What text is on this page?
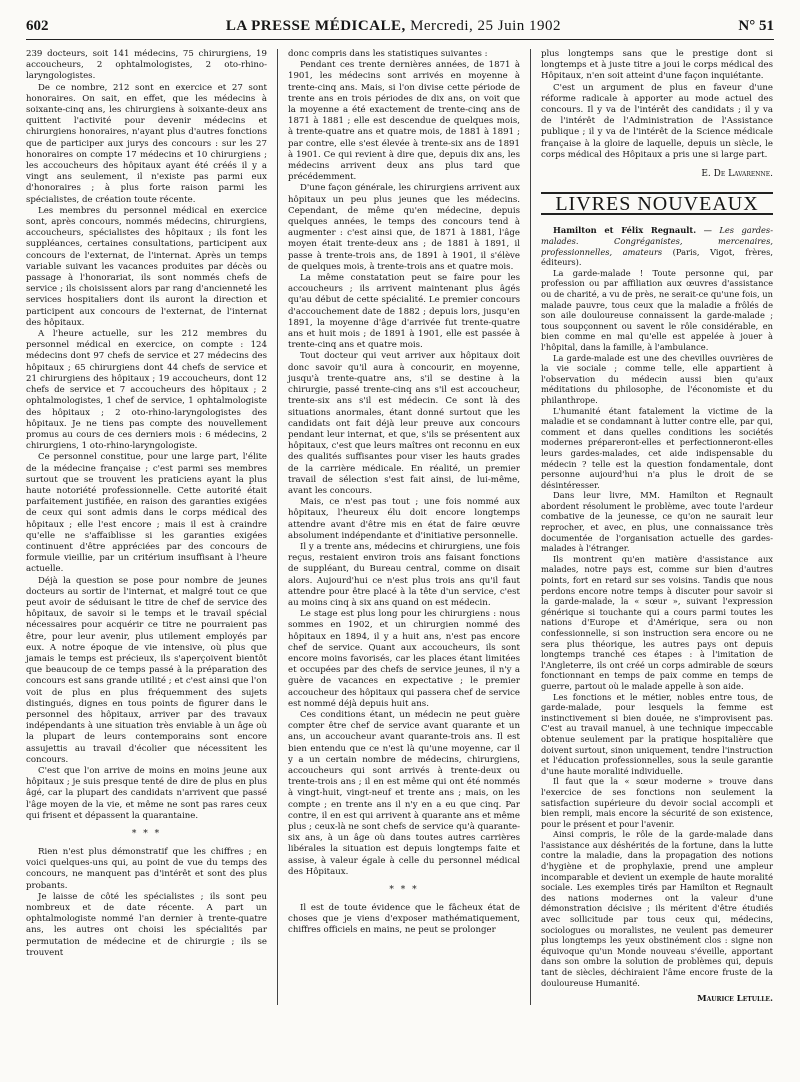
602	LA PRESSE MÉDICALE, Mercredi, 25 Juin 1902	N° 51

239 docteurs, soit 141 médecins, 75 chirurgiens, 19 accoucheurs, 2 ophtalmologistes, 2 oto-rhino-laryngologistes.

De ce nombre, 212 sont en exercice et 27 sont honoraires. On sait, en effet, que les médecins à soixante-cinq ans, les chirurgiens à soixante-deux ans quittent l'activité pour devenir médecins et chirurgiens honoraires, n'ayant plus d'autres fonctions que de participer aux jurys des concours : sur les 27 honoraires on compte 17 médecins et 10 chirurgiens ; les accoucheurs des hôpitaux ayant été créés il y a vingt ans seulement, il n'existe pas parmi eux d'honoraires ; à plus forte raison parmi les spécialistes, de création toute récente.

Les membres du personnel médical en exercice sont, après concours, nommés médecins, chirurgiens, accoucheurs, spécialistes des hôpitaux ; ils font les suppléances, certaines consultations, participent aux concours de l'externat, de l'internat. Après un temps variable suivant les vacances produites par décès ou passage à l'honorariat, ils sont nommés chefs de service ; ils choisissent alors par rang d'ancienneté les services hospitaliers dont ils auront la direction et participent aux concours de l'externat, de l'internat des hôpitaux.

A l'heure actuelle, sur les 212 membres du personnel médical en exercice, on compte : 124 médecins dont 97 chefs de service et 27 médecins des hôpitaux ; 65 chirurgiens dont 44 chefs de service et 21 chirurgiens des hôpitaux ; 19 accoucheurs, dont 12 chefs de service et 7 accoucheurs des hôpitaux ; 2 ophtalmologistes, 1 chef de service, 1 ophtalmologiste des hôpitaux ; 2 oto-rhino-laryngologistes des hôpitaux. Je ne tiens pas compte des nouvellement promus au cours de ces derniers mois : 6 médecins, 2 chirurgiens, 1 oto-rhino-laryngologiste.

Ce personnel constitue, pour une large part, l'élite de la médecine française ; c'est parmi ses membres surtout que se trouvent les praticiens ayant la plus haute notoriété professionnelle. Cette autorité était parfaitement justifiée, en raison des garanties exigées de ceux qui sont admis dans le corps médical des hôpitaux ; elle l'est encore ; mais il est à craindre qu'elle ne s'affaiblisse si les garanties exigées continuent d'être appréciées par des concours de formule vieillie, par un critérium insuffisant à l'heure actuelle.

Déjà la question se pose pour nombre de jeunes docteurs au sortir de l'internat, et malgré tout ce que peut avoir de séduisant le titre de chef de service des hôpitaux, de savoir si le temps et le travail spécial nécessaires pour acquérir ce titre ne pourraient pas être, pour leur avenir, plus utilement employés par eux. A notre époque de vie intensive, où plus que jamais le temps est précieux, ils s'aperçoivent bientôt que beaucoup de ce temps passé à la préparation des concours est sans grande utilité ; et c'est ainsi que l'on voit de plus en plus fréquemment des sujets distingués, dignes en tous points de figurer dans le personnel des hôpitaux, arriver par des travaux indépendants à une situation très enviable à un âge où la plupart de leurs contemporains sont encore assujettis au travail d'écolier que nécessitent les concours.

C'est que l'on arrive de moins en moins jeune aux hôpitaux ; je suis presque tenté de dire de plus en plus âgé, car la plupart des candidats n'arrivent que passé l'âge moyen de la vie, et même ne sont pas rares ceux qui frisent et dépassent la quarantaine.

* * *

Rien n'est plus démonstratif que les chiffres ; en voici quelques-uns qui, au point de vue du temps des concours, ne manquent pas d'intérêt et sont des plus probants.

Je laisse de côté les spécialistes ; ils sont peu nombreux et de date récente. A part un ophtalmologiste nommé l'an dernier à trente-quatre ans, les autres ont choisi les spécialités par permutation de médecine et de chirurgie ; ils se trouvent

donc compris dans les statistiques suivantes :

Pendant ces trente dernières années, de 1871 à 1901, les médecins sont arrivés en moyenne à trente-cinq ans. Mais, si l'on divise cette période de trente ans en trois périodes de dix ans, on voit que la moyenne a été exactement de trente-cinq ans de 1871 à 1881 ; elle est descendue de quelques mois, à trente-quatre ans et quatre mois, de 1881 à 1891 ; par contre, elle s'est élevée à trente-six ans de 1891 à 1901. Ce qui revient à dire que, depuis dix ans, les médecins arrivent deux ans plus tard que précédemment.

D'une façon générale, les chirurgiens arrivent aux hôpitaux un peu plus jeunes que les médecins. Cependant, de même qu'en médecine, depuis quelques années, le temps des concours tend à augmenter : c'est ainsi que, de 1871 à 1881, l'âge moyen était trente-deux ans ; de 1881 à 1891, il passe à trente-trois ans, de 1891 à 1901, il s'élève de quelques mois, à trente-trois ans et quatre mois.

La même constatation peut se faire pour les accoucheurs ; ils arrivent maintenant plus âgés qu'au début de cette spécialité. Le premier concours d'accouchement date de 1882 ; depuis lors, jusqu'en 1891, la moyenne d'âge d'arrivée fut trente-quatre ans et huit mois ; de 1891 à 1901, elle est passée à trente-cinq ans et quatre mois.

Tout docteur qui veut arriver aux hôpitaux doit donc savoir qu'il aura à concourir, en moyenne, jusqu'à trente-quatre ans, s'il se destine à la chirurgie, passé trente-cinq ans s'il est accoucheur, trente-six ans s'il est médecin. Ce sont là des situations anormales, étant donné surtout que les candidats ont fait déjà leur preuve aux concours pendant leur internat, et que, s'ils se présentent aux hôpitaux, c'est que leurs maîtres ont reconnu en eux des qualités suffisantes pour viser les hauts grades de la carrière médicale. En réalité, un premier travail de sélection s'est fait ainsi, de lui-même, avant les concours.

Mais, ce n'est pas tout ; une fois nommé aux hôpitaux, l'heureux élu doit encore longtemps attendre avant d'être mis en état de faire œuvre absolument indépendante et d'initiative personnelle.

Il y a trente ans, médecins et chirurgiens, une fois reçus, restaient environ trois ans faisant fonctions de suppléant, du Bureau central, comme on disait alors. Aujourd'hui ce n'est plus trois ans qu'il faut attendre pour être placé à la tête d'un service, c'est au moins cinq à six ans quand on est médecin.

Le stage est plus long pour les chirurgiens : nous sommes en 1902, et un chirurgien nommé des hôpitaux en 1894, il y a huit ans, n'est pas encore chef de service. Quant aux accoucheurs, ils sont encore moins favorisés, car les places étant limitées et occupées par des chefs de service jeunes, il n'y a guère de vacances en expectative ; le premier accoucheur des hôpitaux qui passera chef de service est nommé déjà depuis huit ans.

Ces conditions étant, un médecin ne peut guère compter être chef de service avant quarante et un ans, un accoucheur avant quarante-trois ans. Il est bien entendu que ce n'est là qu'une moyenne, car il y a un certain nombre de médecins, chirurgiens, accoucheurs qui sont arrivés à trente-deux ou trente-trois ans ; il en est même qui ont été nommés à vingt-huit, vingt-neuf et trente ans ; mais, on les compte ; en trente ans il n'y en a eu que cinq. Par contre, il en est qui arrivent à quarante ans et même plus ; ceux-là ne sont chefs de service qu'à quarante-six ans, à un âge où dans toutes autres carrières libérales la situation est depuis longtemps faite et assise, à valeur égale à celle du personnel médical des Hôpitaux.

* * *

Il est de toute évidence que le fâcheux état de choses que je viens d'exposer mathématiquement, chiffres officiels en mains, ne peut se prolonger

plus longtemps sans que le prestige dont si longtemps et à juste titre a joui le corps médical des Hôpitaux, n'en soit atteint d'une façon inquiétante.

C'est un argument de plus en faveur d'une réforme radicale à apporter au mode actuel des concours. Il y va de l'intérêt des candidats ; il y va de l'intérêt de l'Administration de l'Assistance publique ; il y va de l'intérêt de la Science médicale française à la gloire de laquelle, depuis un siècle, le corps médical des Hôpitaux a pris une si large part.

E. De Lavarenne.
LIVRES NOUVEAUX

Hamilton et Félix Regnault. — Les gardes-malades. Congréganistes, mercenaires, professionnelles, amateurs (Paris, Vigot, frères, éditeurs).

La garde-malade ! Toute personne qui, par profession ou par affiliation aux œuvres d'assistance ou de charité, a vu de près, ne serait-ce qu'une fois, un malade pauvre, tous ceux que la maladie a frôlés de son aile douloureuse connaissent la garde-malade ; tous soupçonnent ou savent le rôle considérable, en bien comme en mal qu'elle est appelée à jouer à l'hôpital, dans la famille, à l'ambulance.

La garde-malade est une des chevilles ouvrières de la vie sociale ; comme telle, elle appartient à l'observation du médecin aussi bien qu'aux méditations du philosophe, de l'économiste et du philanthrope.

L'humanité étant fatalement la victime de la maladie et se condamnant à lutter contre elle, par qui, comment et dans quelles conditions les sociétés modernes prépareront-elles et perfectionneront-elles leurs gardes-malades, cet aide indispensable du médecin ? telle est la question fondamentale, dont personne aujourd'hui n'a plus le droit de se désintéresser.

Dans leur livre, MM. Hamilton et Regnault abordent résolument le problème, avec toute l'ardeur combative de la jeunesse, ce qu'on ne saurait leur reprocher, et avec, en plus, une connaissance très documentée de l'organisation actuelle des gardes-malades à l'étranger.

Ils montrent qu'en matière d'assistance aux malades, notre pays est, comme sur bien d'autres points, fort en retard sur ses voisins. Tandis que nous perdons encore notre temps à discuter pour savoir si la garde-malade, la « sœur », suivant l'expression générique si touchante qui a cours parmi toutes les nations d'Europe et d'Amérique, sera ou non confessionnelle, si son instruction sera encore ou ne sera plus théorique, les autres pays ont depuis longtemps tranché ces étapes : à l'imitation de l'Angleterre, ils ont créé un corps admirable de sœurs fonctionnant en temps de paix comme en temps de guerre, partout où le malade appelle à son aide.

Les fonctions et le métier, nobles entre tous, de garde-malade, pour lesquels la femme est instinctivement si bien douée, ne s'improvisent pas. C'est au travail manuel, à une technique impeccable obtenue seulement par la pratique hospitalière que doivent surtout, sinon uniquement, tendre l'instruction et l'éducation professionnelles, sous la seule garantie d'une haute moralité individuelle.

Il faut que la « sœur moderne » trouve dans l'exercice de ses fonctions non seulement la satisfaction supérieure du devoir social accompli et bien rempli, mais encore la sécurité de son existence, pour le présent et pour l'avenir.

Ainsi compris, le rôle de la garde-malade dans l'assistance aux déshérités de la fortune, dans la lutte contre la maladie, dans la propagation des notions d'hygiène et de prophylaxie, prend une ampleur incomparable et devient un exemple de haute moralité sociale. Les exemples tirés par Hamilton et Regnault des nations modernes ont la valeur d'une démonstration décisive ; ils méritent d'être étudiés avec sollicitude par tous ceux qui, médecins, sociologues ou moralistes, ne veulent pas demeurer plus longtemps les yeux obstinément clos : signe non équivoque qu'un Monde nouveau s'éveille, apportant dans son ombre la solution de problèmes qui, depuis tant de siècles, déchiraient l'âme encore fruste de la douloureuse Humanité.

Maurice Letulle.
